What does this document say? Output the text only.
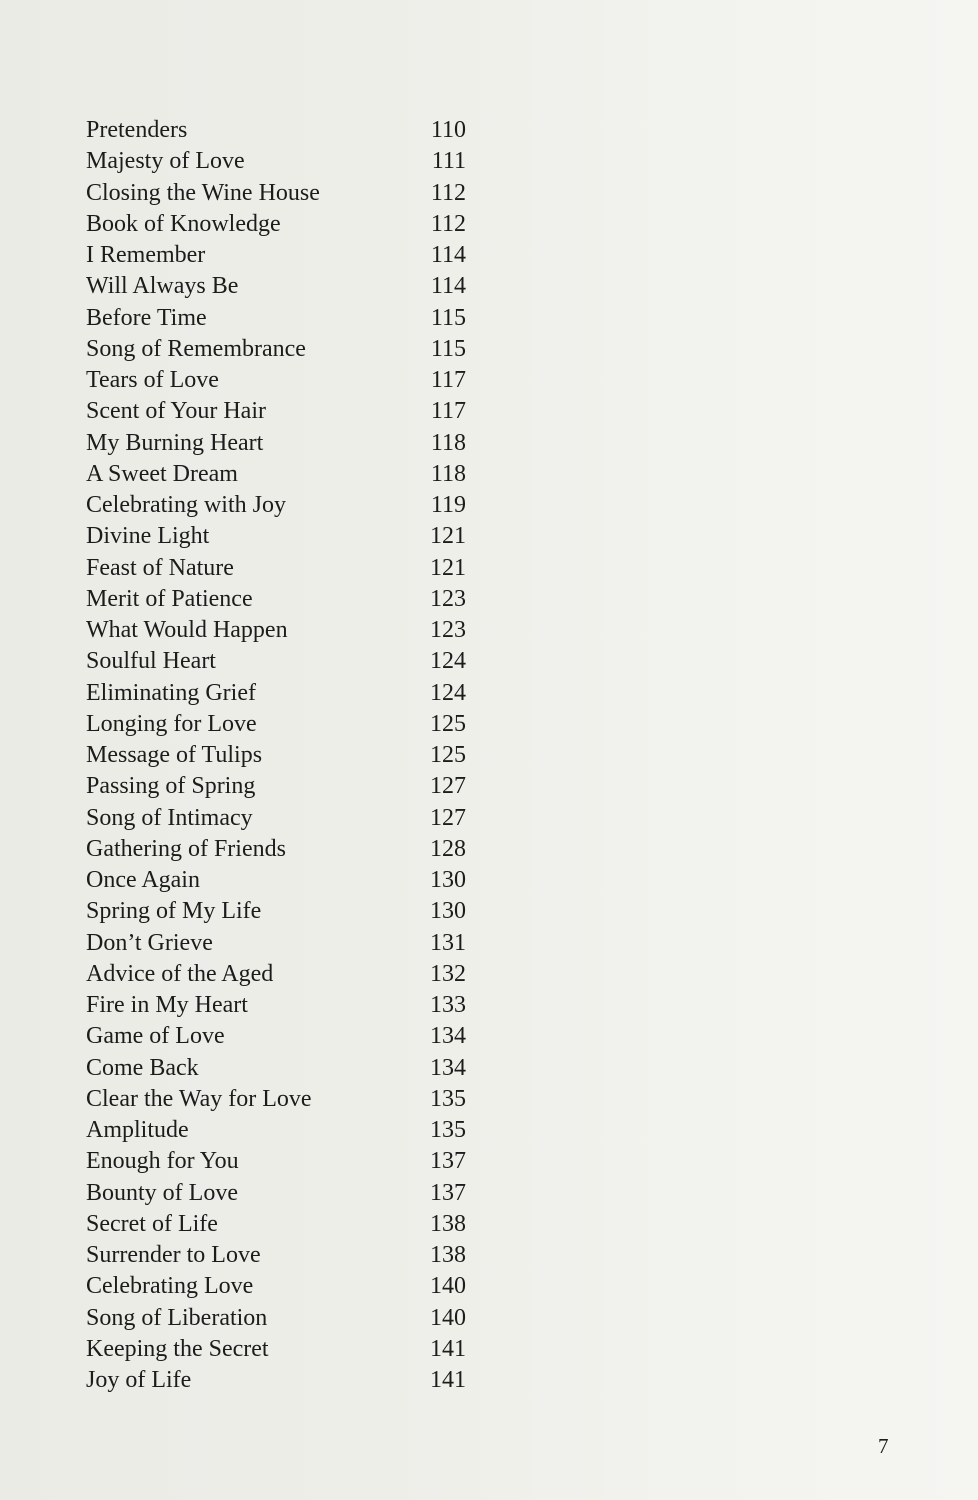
Pretenders	110
Majesty of Love	111
Closing the Wine House	112
Book of Knowledge	112
I Remember	114
Will Always Be	114
Before Time	115
Song of Remembrance	115
Tears of Love	117
Scent of Your Hair	117
My Burning Heart	118
A Sweet Dream	118
Celebrating with Joy	119
Divine Light	121
Feast of Nature	121
Merit of Patience	123
What Would Happen	123
Soulful Heart	124
Eliminating Grief	124
Longing for Love	125
Message of Tulips	125
Passing of Spring	127
Song of Intimacy	127
Gathering of Friends	128
Once Again	130
Spring of My Life	130
Don’t Grieve	131
Advice of the Aged	132
Fire in My Heart	133
Game of Love	134
Come Back	134
Clear the Way for Love	135
Amplitude	135
Enough for You	137
Bounty of Love	137
Secret of Life	138
Surrender to Love	138
Celebrating Love	140
Song of Liberation	140
Keeping the Secret	141
Joy of Life	141
7
